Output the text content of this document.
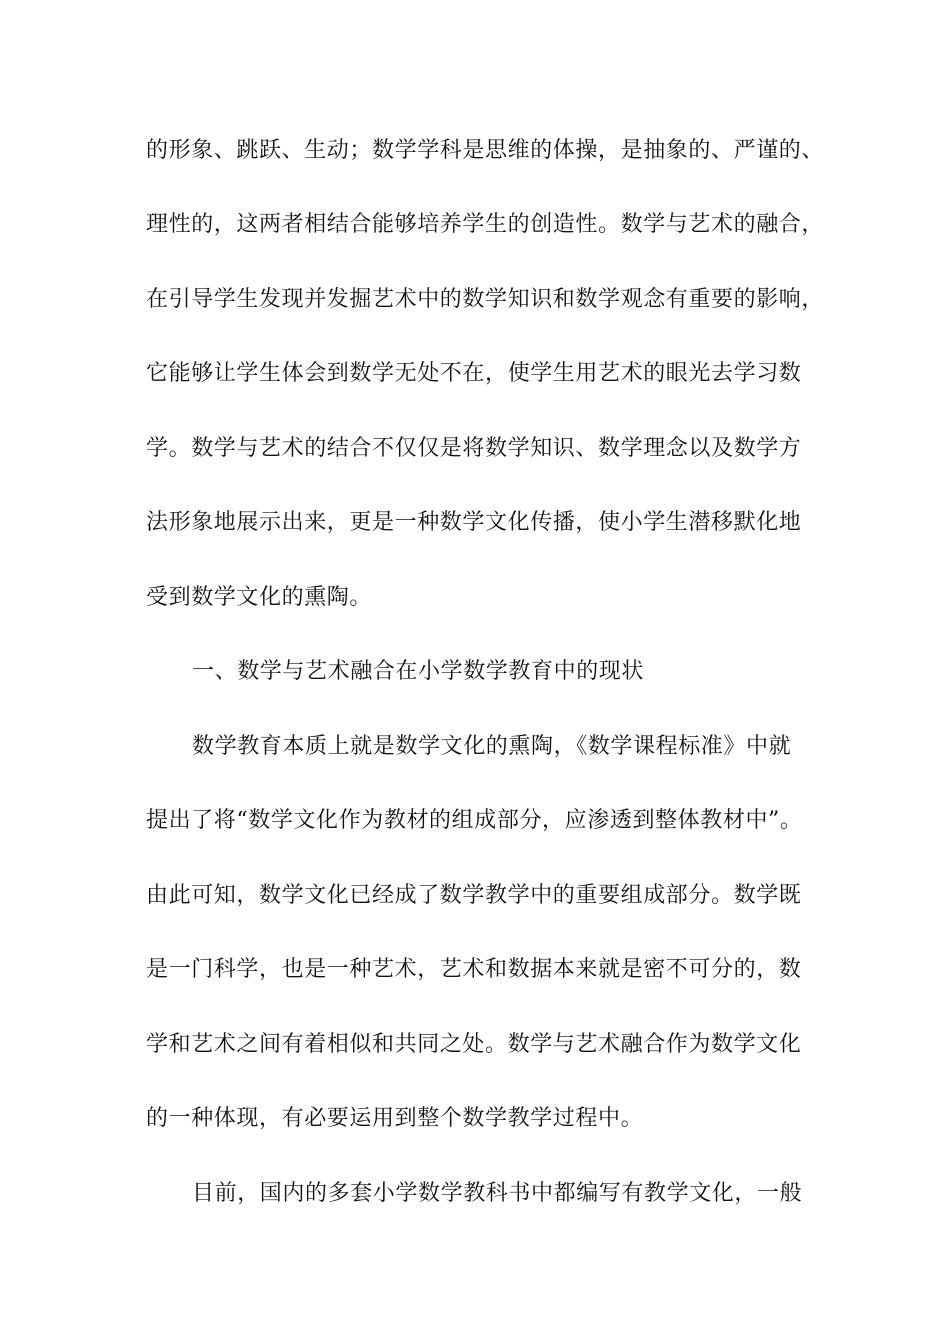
的形象、跳跃、生动；数学学科是思维的体操，是抽象的、严谨的、
理性的，这两者相结合能够培养学生的创造性。数学与艺术的融合，
在引导学生发现并发掘艺术中的数学知识和数学观念有重要的影响，
它能够让学生体会到数学无处不在，使学生用艺术的眼光去学习数
学。数学与艺术的结合不仅仅是将数学知识、数学理念以及数学方
法形象地展示出来，更是一种数学文化传播，使小学生潜移默化地
受到数学文化的熏陶。
一、数学与艺术融合在小学数学教育中的现状
数学教育本质上就是数学文化的熏陶，《数学课程标准》中就
提出了将“数学文化作为教材的组成部分，应渗透到整体教材中”。
由此可知，数学文化已经成了数学教学中的重要组成部分。数学既
是一门科学，也是一种艺术，艺术和数据本来就是密不可分的，数
学和艺术之间有着相似和共同之处。数学与艺术融合作为数学文化
的一种体现，有必要运用到整个数学教学过程中。
目前，国内的多套小学数学教科书中都编写有教学文化，一般
